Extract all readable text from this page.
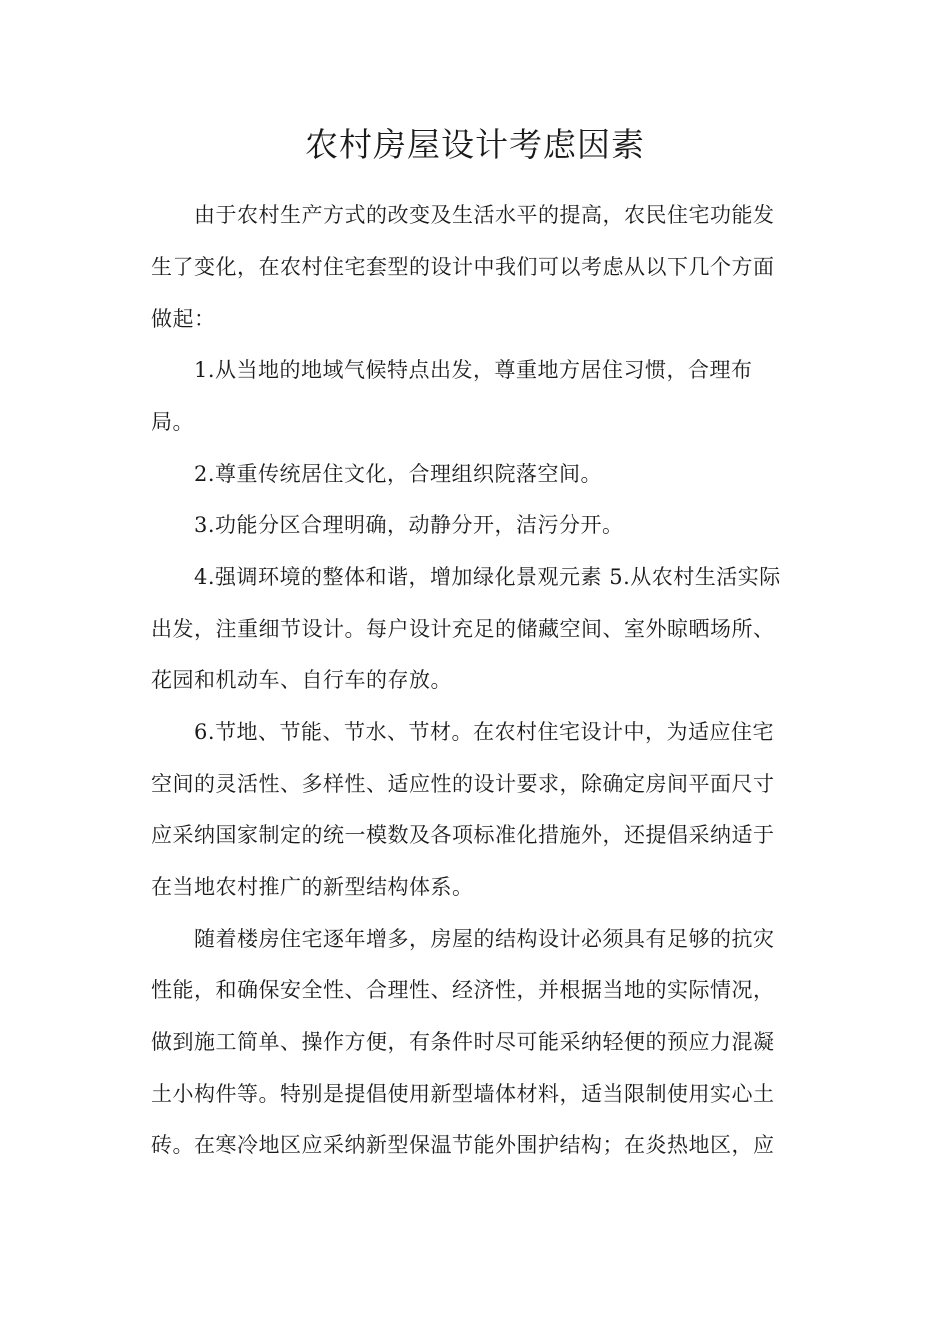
农村房屋设计考虑因素
由于农村生产方式的改变及生活水平的提高，农民住宅功能发
生了变化，在农村住宅套型的设计中我们可以考虑从以下几个方面
做起：
1.从当地的地域气候特点出发，尊重地方居住习惯，合理布
局。
2.尊重传统居住文化，合理组织院落空间。
3.功能分区合理明确，动静分开，洁污分开。
4.强调环境的整体和谐，增加绿化景观元素 5.从农村生活实际
出发，注重细节设计。每户设计充足的储藏空间、室外晾晒场所、
花园和机动车、自行车的存放。
6.节地、节能、节水、节材。在农村住宅设计中，为适应住宅
空间的灵活性、多样性、适应性的设计要求，除确定房间平面尺寸
应采纳国家制定的统一模数及各项标准化措施外，还提倡采纳适于
在当地农村推广的新型结构体系。
随着楼房住宅逐年增多，房屋的结构设计必须具有足够的抗灾
性能，和确保安全性、合理性、经济性，并根据当地的实际情况，
做到施工简单、操作方便，有条件时尽可能采纳轻便的预应力混凝
土小构件等。特别是提倡使用新型墙体材料，适当限制使用实心土
砖。在寒冷地区应采纳新型保温节能外围护结构；在炎热地区，应
